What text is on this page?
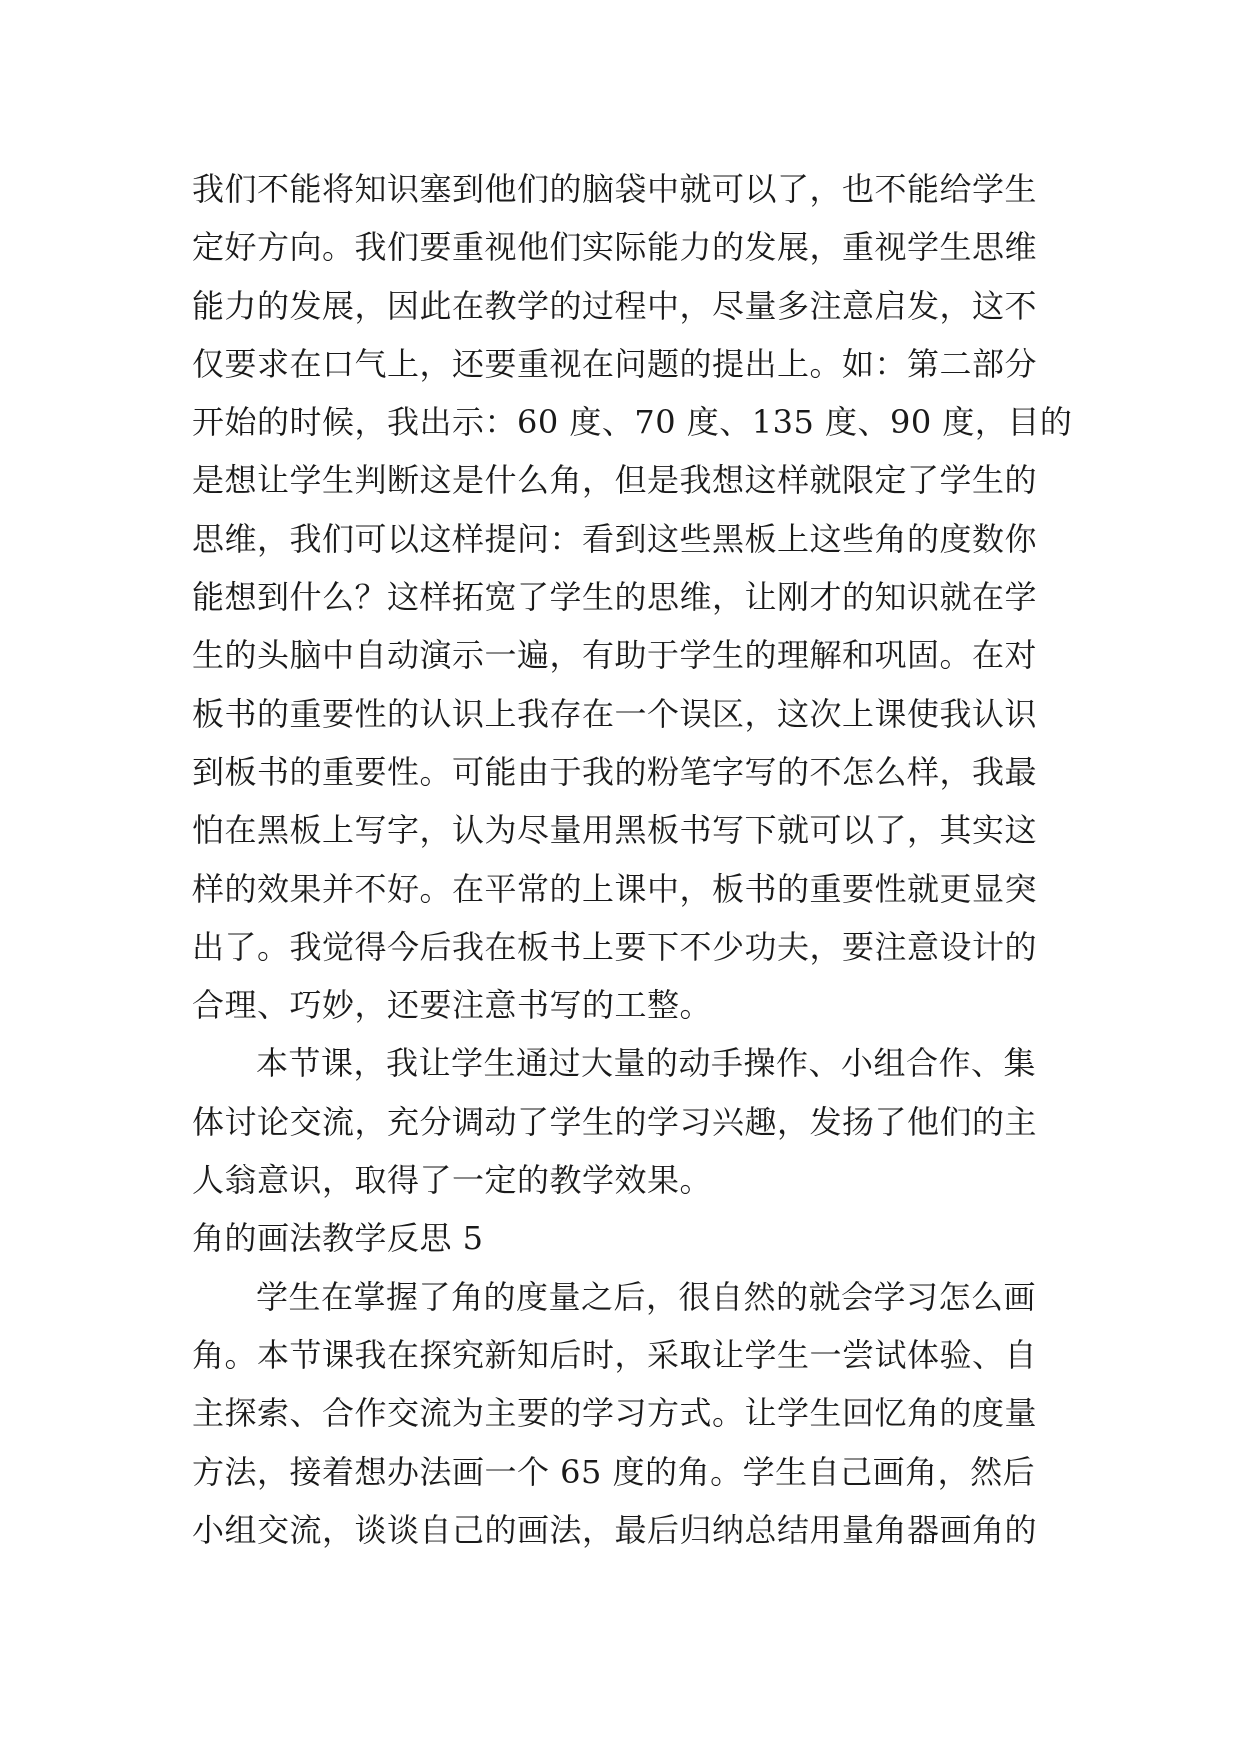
我们不能将知识塞到他们的脑袋中就可以了，也不能给学生
定好方向。我们要重视他们实际能力的发展，重视学生思维
能力的发展，因此在教学的过程中，尽量多注意启发，这不
仅要求在口气上，还要重视在问题的提出上。如：第二部分
开始的时候，我出示：60 度、70 度、135 度、90 度，目的
是想让学生判断这是什么角，但是我想这样就限定了学生的
思维，我们可以这样提问：看到这些黑板上这些角的度数你
能想到什么？这样拓宽了学生的思维，让刚才的知识就在学
生的头脑中自动演示一遍，有助于学生的理解和巩固。在对
板书的重要性的认识上我存在一个误区，这次上课使我认识
到板书的重要性。可能由于我的粉笔字写的不怎么样，我最
怕在黑板上写字，认为尽量用黑板书写下就可以了，其实这
样的效果并不好。在平常的上课中，板书的重要性就更显突
出了。我觉得今后我在板书上要下不少功夫，要注意设计的
合理、巧妙，还要注意书写的工整。
本节课，我让学生通过大量的动手操作、小组合作、集
体讨论交流，充分调动了学生的学习兴趣，发扬了他们的主
人翁意识，取得了一定的教学效果。
角的画法教学反思 5
学生在掌握了角的度量之后，很自然的就会学习怎么画
角。本节课我在探究新知后时，采取让学生一尝试体验、自
主探索、合作交流为主要的学习方式。让学生回忆角的度量
方法，接着想办法画一个 65 度的角。学生自己画角，然后
小组交流，谈谈自己的画法，最后归纳总结用量角器画角的
